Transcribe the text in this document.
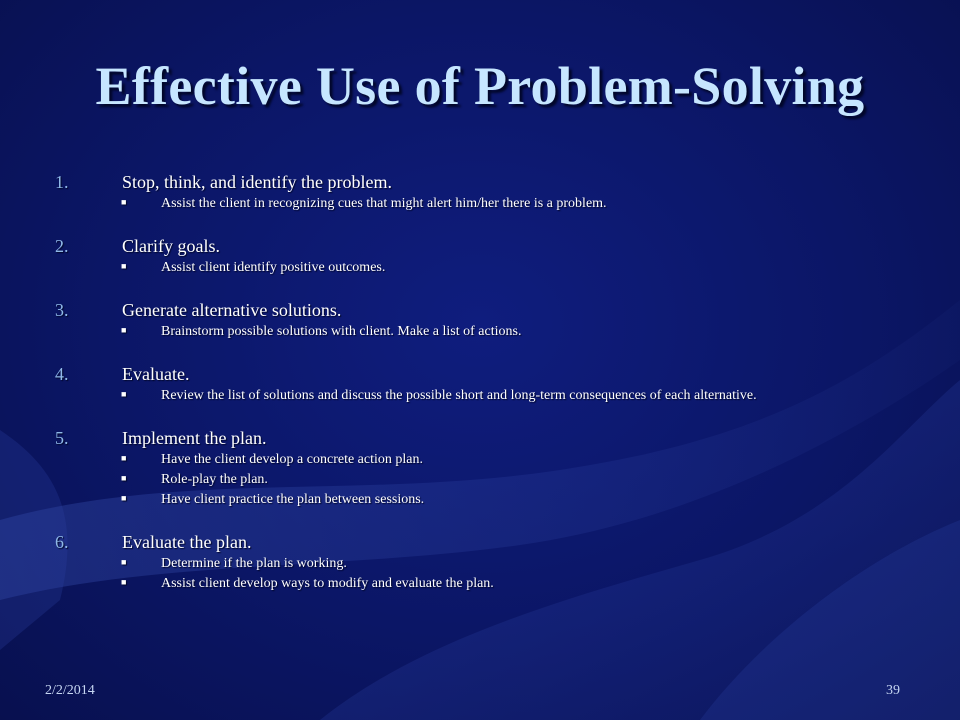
Effective Use of Problem-Solving
1.	Stop, think, and identify the problem.
■	Assist the client in recognizing cues that might alert him/her there is a problem.
2.	Clarify goals.
■	Assist client identify positive outcomes.
3.	Generate alternative solutions.
■	Brainstorm possible solutions with client. Make a list of actions.
4.	Evaluate.
■	Review the list of solutions and discuss the possible short and long-term consequences of each alternative.
5.	Implement the plan.
■	Have the client develop a concrete action plan.
■	Role-play the plan.
■	Have client practice the plan between sessions.
6.	Evaluate the plan.
■	Determine if the plan is working.
■	Assist client develop ways to modify and evaluate the plan.
2/2/2014	39
